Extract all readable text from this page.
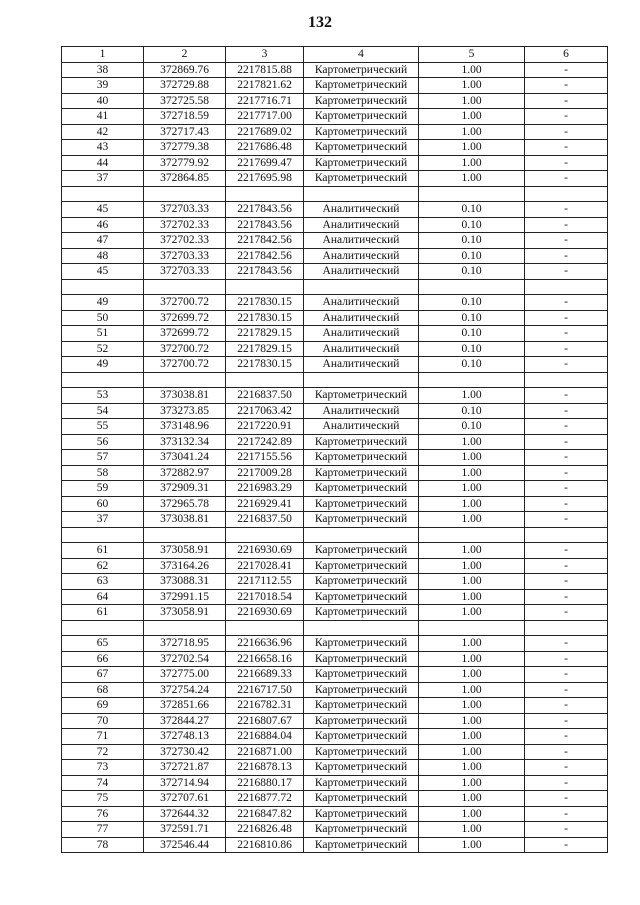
132
1	2	3	4	5	6
38	372869.76	2217815.88	Картометрический	1.00	-
39	372729.88	2217821.62	Картометрический	1.00	-
40	372725.58	2217716.71	Картометрический	1.00	-
41	372718.59	2217717.00	Картометрический	1.00	-
42	372717.43	2217689.02	Картометрический	1.00	-
43	372779.38	2217686.48	Картометрический	1.00	-
44	372779.92	2217699.47	Картометрический	1.00	-
37	372864.85	2217695.98	Картометрический	1.00	-

45	372703.33	2217843.56	Аналитический	0.10	-
46	372702.33	2217843.56	Аналитический	0.10	-
47	372702.33	2217842.56	Аналитический	0.10	-
48	372703.33	2217842.56	Аналитический	0.10	-
45	372703.33	2217843.56	Аналитический	0.10	-

49	372700.72	2217830.15	Аналитический	0.10	-
50	372699.72	2217830.15	Аналитический	0.10	-
51	372699.72	2217829.15	Аналитический	0.10	-
52	372700.72	2217829.15	Аналитический	0.10	-
49	372700.72	2217830.15	Аналитический	0.10	-

53	373038.81	2216837.50	Картометрический	1.00	-
54	373273.85	2217063.42	Аналитический	0.10	-
55	373148.96	2217220.91	Аналитический	0.10	-
56	373132.34	2217242.89	Картометрический	1.00	-
57	373041.24	2217155.56	Картометрический	1.00	-
58	372882.97	2217009.28	Картометрический	1.00	-
59	372909.31	2216983.29	Картометрический	1.00	-
60	372965.78	2216929.41	Картометрический	1.00	-
37	373038.81	2216837.50	Картометрический	1.00	-

61	373058.91	2216930.69	Картометрический	1.00	-
62	373164.26	2217028.41	Картометрический	1.00	-
63	373088.31	2217112.55	Картометрический	1.00	-
64	372991.15	2217018.54	Картометрический	1.00	-
61	373058.91	2216930.69	Картометрический	1.00	-

65	372718.95	2216636.96	Картометрический	1.00	-
66	372702.54	2216658.16	Картометрический	1.00	-
67	372775.00	2216689.33	Картометрический	1.00	-
68	372754.24	2216717.50	Картометрический	1.00	-
69	372851.66	2216782.31	Картометрический	1.00	-
70	372844.27	2216807.67	Картометрический	1.00	-
71	372748.13	2216884.04	Картометрический	1.00	-
72	372730.42	2216871.00	Картометрический	1.00	-
73	372721.87	2216878.13	Картометрический	1.00	-
74	372714.94	2216880.17	Картометрический	1.00	-
75	372707.61	2216877.72	Картометрический	1.00	-
76	372644.32	2216847.82	Картометрический	1.00	-
77	372591.71	2216826.48	Картометрический	1.00	-
78	372546.44	2216810.86	Картометрический	1.00	-
